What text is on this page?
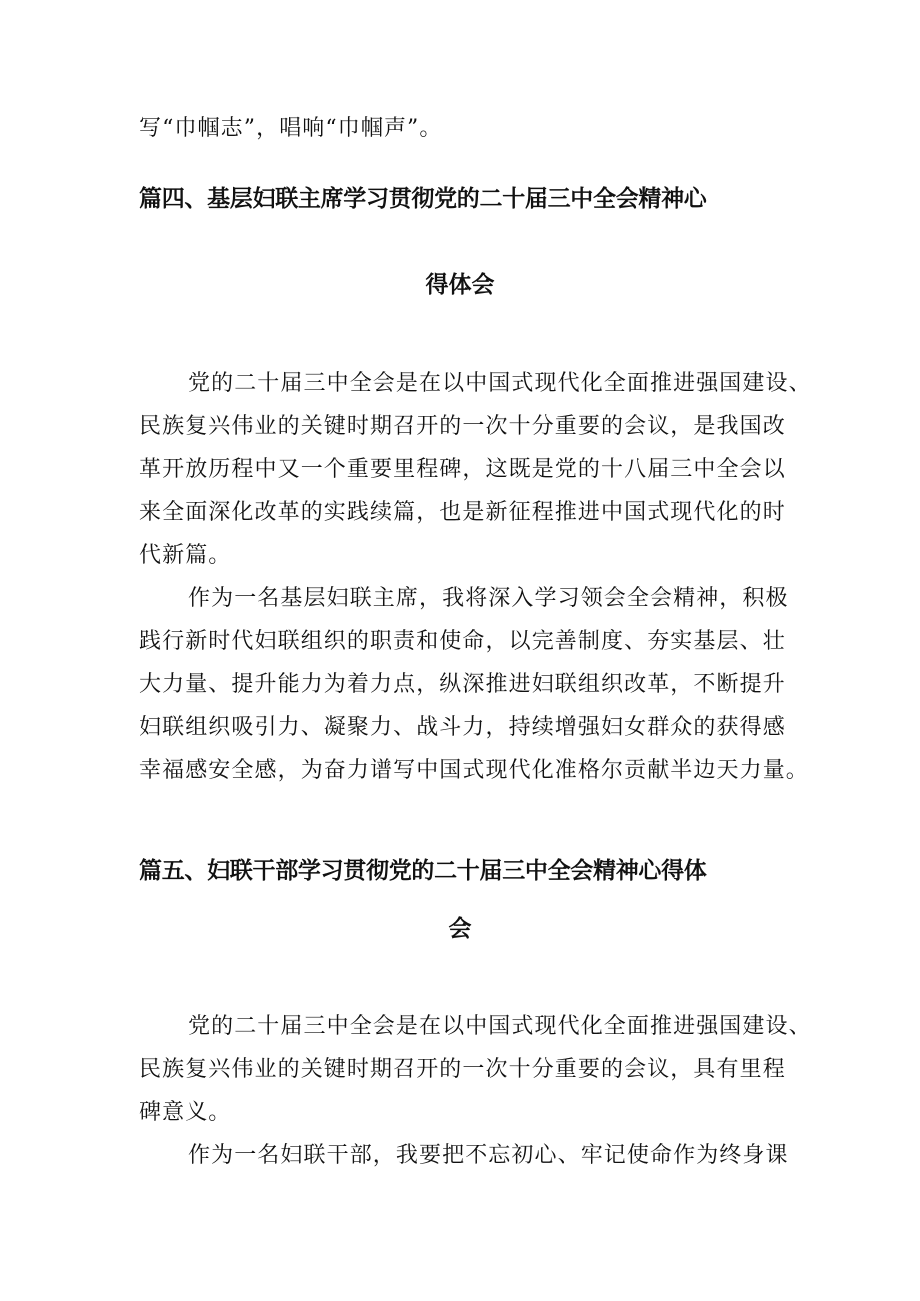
写“巾帼志”，唱响“巾帼声”。

篇四、基层妇联主席学习贯彻党的二十届三中全会精神心
得体会

党的二十届三中全会是在以中国式现代化全面推进强国建设、

民族复兴伟业的关键时期召开的一次十分重要的会议，是我国改

革开放历程中又一个重要里程碑，这既是党的十八届三中全会以

来全面深化改革的实践续篇，也是新征程推进中国式现代化的时

代新篇。

作为一名基层妇联主席，我将深入学习领会全会精神，积极

践行新时代妇联组织的职责和使命，以完善制度、夯实基层、壮

大力量、提升能力为着力点，纵深推进妇联组织改革，不断提升

妇联组织吸引力、凝聚力、战斗力，持续增强妇女群众的获得感

幸福感安全感，为奋力谱写中国式现代化准格尔贡献半边天力量。

篇五、妇联干部学习贯彻党的二十届三中全会精神心得体
会

党的二十届三中全会是在以中国式现代化全面推进强国建设、

民族复兴伟业的关键时期召开的一次十分重要的会议，具有里程

碑意义。

作为一名妇联干部，我要把不忘初心、牢记使命作为终身课
